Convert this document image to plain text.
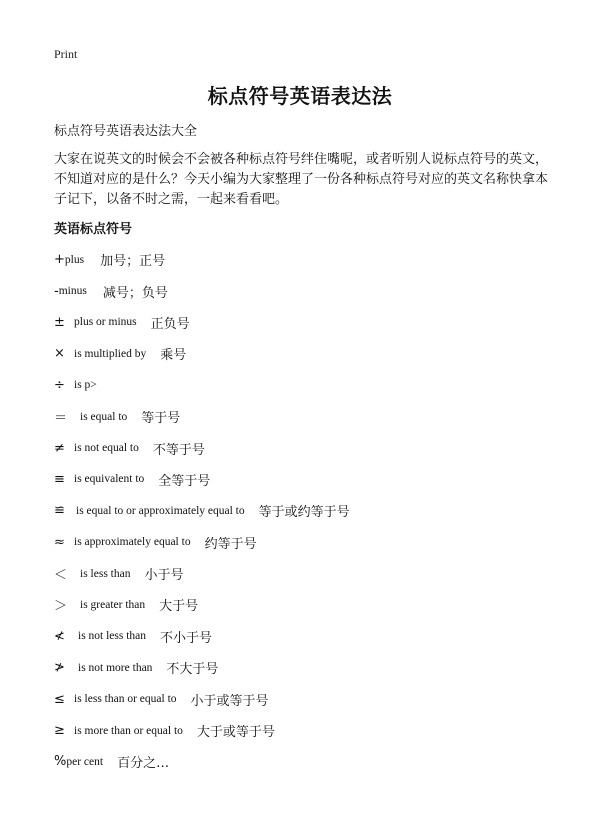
Print
标点符号英语表达法
标点符号英语表达法大全
大家在说英文的时候会不会被各种标点符号绊住嘴呢，或者听别人说标点符号的英文，不知道对应的是什么？今天小编为大家整理了一份各种标点符号对应的英文名称快拿本子记下，以备不时之需，一起来看看吧。
英语标点符号
+ plus 加号；正号
- minus 减号；负号
± plus or minus 正负号
× is multiplied by 乘号
÷ is p>
＝	is equal to 等于号
≠ is not equal to 不等于号
≡ is equivalent to 全等于号
≌ is equal to or approximately equal to 等于或约等于号
≈ is approximately equal to 约等于号
＜	is less than 小于号
＞	is greater than 大于号
≮	is not less than 不小于号
≯	is not more than 不大于号
≤ is less than or equal to 小于或等于号
≥ is more than or equal to 大于或等于号
% per cent 百分之…
